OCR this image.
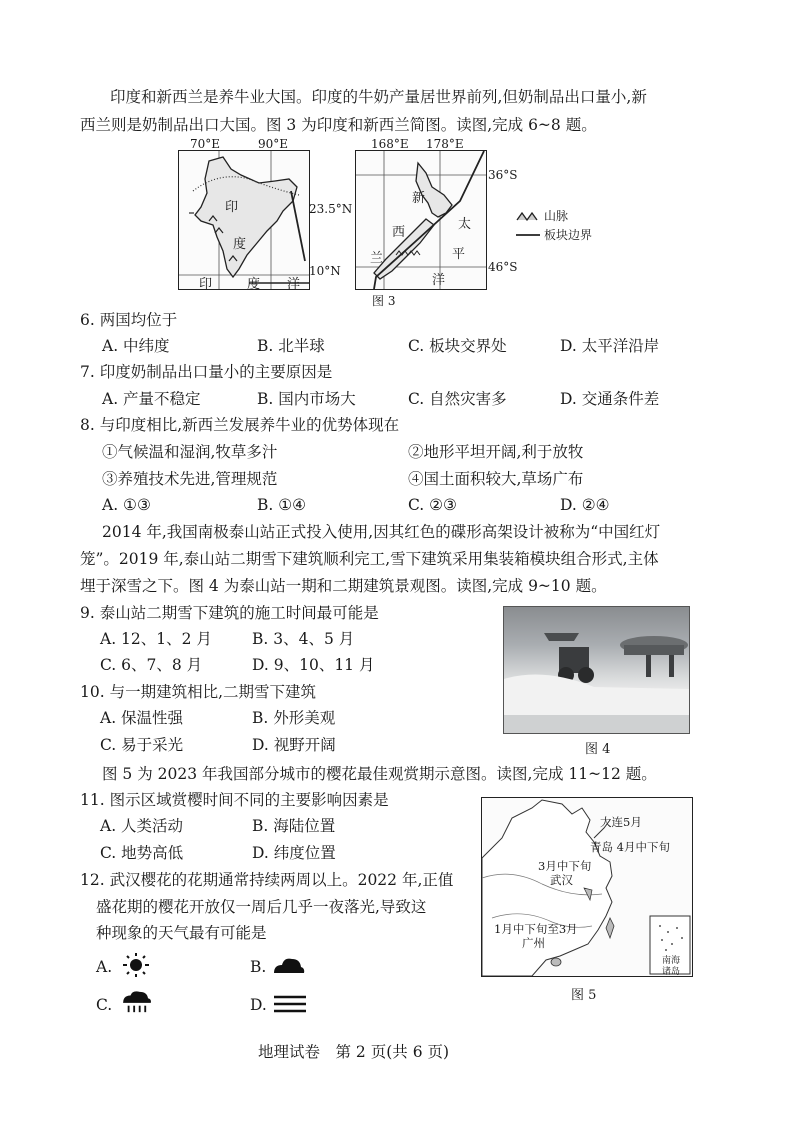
印度和新西兰是养牛业大国。印度的牛奶产量居世界前列,但奶制品出口量小,新
西兰则是奶制品出口大国。图 3 为印度和新西兰简图。读图,完成 6~8 题。
印
度
印	度 洋
70°E	90°E
23.5°N
10°N
新
西
兰
太
平
洋
168°E 178°E
36°S
46°S
山脉
板块边界
图 3
6. 两国均位于
A. 中纬度	B. 北半球	C. 板块交界处	D. 太平洋沿岸
7. 印度奶制品出口量小的主要原因是
A. 产量不稳定	B. 国内市场大	C. 自然灾害多	D. 交通条件差
8. 与印度相比,新西兰发展养牛业的优势体现在
①气候温和湿润,牧草多汁	②地形平坦开阔,利于放牧
③养殖技术先进,管理规范	④国土面积较大,草场广布
A. ①③	B. ①④	C. ②③	D. ②④
2014 年,我国南极泰山站正式投入使用,因其红色的碟形高架设计被称为“中国红灯
笼”。2019 年,泰山站二期雪下建筑顺利完工,雪下建筑采用集装箱模块组合形式,主体
埋于深雪之下。图 4 为泰山站一期和二期建筑景观图。读图,完成 9~10 题。
9. 泰山站二期雪下建筑的施工时间最可能是
A. 12、1、2 月	B. 3、4、5 月
C. 6、7、8 月	D. 9、10、11 月
10. 与一期建筑相比,二期雪下建筑
A. 保温性强	B. 外形美观
C. 易于采光	D. 视野开阔	图 4
图 5 为 2023 年我国部分城市的樱花最佳观赏期示意图。读图,完成 11~12 题。
11. 图示区域赏樱时间不同的主要影响因素是
A. 人类活动	B. 海陆位置
C. 地势高低	D. 纬度位置
12. 武汉樱花的花期通常持续两周以上。2022 年,正值
盛花期的樱花开放仅一周后几乎一夜落光,导致这
种现象的天气最有可能是
A.	B.
C.	D.
大连5月
青岛 4月中下旬
3月中下旬
武汉
1月中下旬至3月
广州
南海
诸岛
图 5
地理试卷　第 2 页(共 6 页)
